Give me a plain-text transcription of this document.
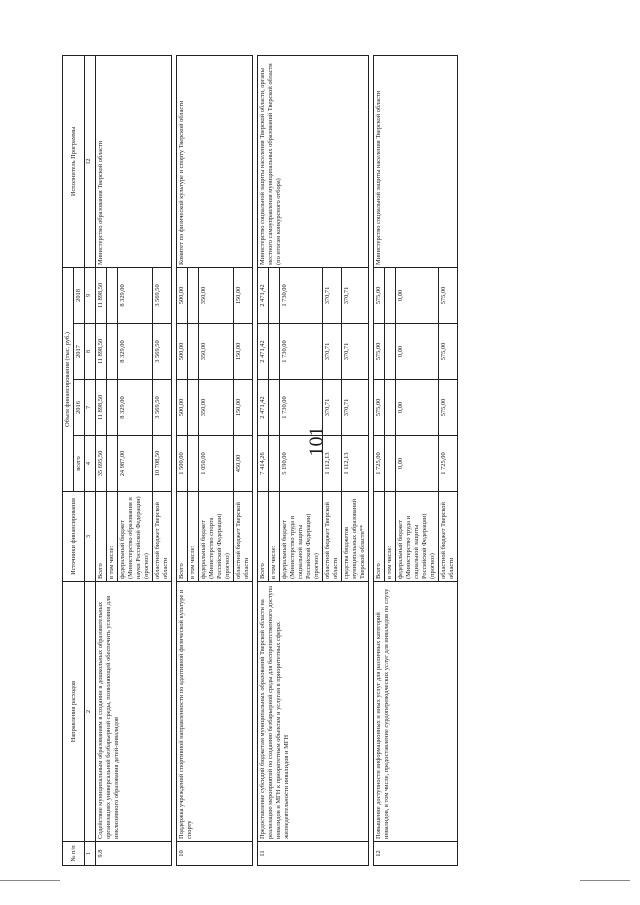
101
№ п/п	Направления расходов	Источники финансирования	Объем финансирования (тыс. руб.)				Исполнитель Программы
			всего	2016	2017	2018	
1	2	3	4	7	8	9	12
9.8	Содействие муниципальным образованиям в создании в дошкольных образовательных организациях универсальной безбарьерной среды, позволяющей обеспечить условия для инклюзивного образования детей-инвалидов	Всего	35 695,50	11 898,50	11 898,50	11 898,50	Министерство образования Тверской области
		в том числе:					
		федеральный бюджет (Министерство образования и науки Российской Федерации) (прогноз)	24 987,00	8 329,00	8 329,00	8 329,00	
		областной бюджет Тверской области	10 708,50	3 569,50	3 569,50	3 569,50	

10	Поддержка учреждений спортивной направленности по адаптивной физической культуре и спорту	Всего	1 500,00	500,00	500,00	500,00	Комитет по физической культуре и спорту Тверской области
		в том числе:					
		федеральный бюджет (Министерство спорта Российской Федерации) (прогноз)	1 050,00	350,00	350,00	350,00	
		областной бюджет Тверской области	450,00	150,00	150,00	150,00	

11	Предоставление субсидий бюджетам муниципальных образований Тверской области на реализацию мероприятий по созданию безбарьерной среды для беспрепятственного доступа инвалидов и МГН к приоритетным объектам и услугам в приоритетных сферах жизнедеятельности инвалидов и МГН	Всего	7 414,26	2 471,42	2 471,42	2 471,42	Министерство социальной защиты населения Тверской области, органы местного самоуправления муниципальных образований Тверской области (по итогам конкурсного отбора)
		в том числе:					
		федеральный бюджет (Министерство труда и социальной защиты Российской Федерации) (прогноз)	5 190,00	1 730,00	1 730,00	1 730,00	
		областной бюджет Тверской области	1 112,13	370,71	370,71	370,71	
		средства бюджетов муниципальных образований Тверской области**	1 112,13	370,71	370,71	370,71	

12	Повышение доступности информационных и иных услуг для различных категорий инвалидов, в том числе, предоставление сурдопереводческих услуг для инвалидов по слуху	Всего	1 725,00	575,00	575,00	575,00	Министерство социальной защиты населения Тверской области
		в том числе:					
		федеральный бюджет (Министерство труда и социальной защиты Российской Федерации) (прогноз)	0,00	0,00	0,00	0,00	
		областной бюджет Тверской области	1 725,00	575,00	575,00	575,00	
